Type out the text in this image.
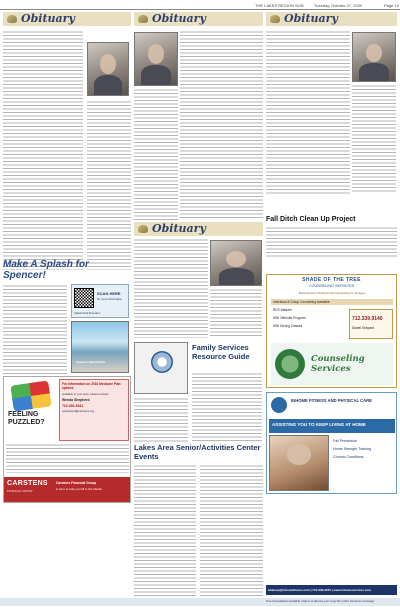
THE LAKES REGION SUN	Tuesday, October 27, 2020	Page 13
Obituary
Make A Splash for Spencer!
SCAN HERE
for more information
Splash Pad Donation
Spencer Splash Pad
FEELING PUZZLED?
For information on 2016 Medicare Plan options
available in your area, please contact:
Wenda Shepherd
712-300-5341
wshepherd@carstens.org
CARSTENS
FINANCIAL GROUP
Carstens Financial Group
is here to help you fill in the blanks.
Obituary
Obituary
Family Services Resource Guide
Lakes Area Senior/Activities Center Events
Obituary
SHADE OF THE TREE
COUNSELING SERVICES
Experienced, Professional Counseling for all ages
Individual & Group Counseling Available
RDS Walkers
DWI Offender Program
DWI Driving Classes
712.339.9140
Daniel Shepard
Counseling Services
INHOME FITNESS AND PHYSICAL CARE
ASSISTING YOU TO KEEP LIVING AT HOME
Fall Prevention
Home Strength Training
Chronic Conditions
Fall Ditch Clean Up Project
tddeesp@inhomefitness.com | 712-339-3670 | www.inhomeservices.com
Free Consultations Available | Call us to discuss your Long Term Care Insurance Coverage
